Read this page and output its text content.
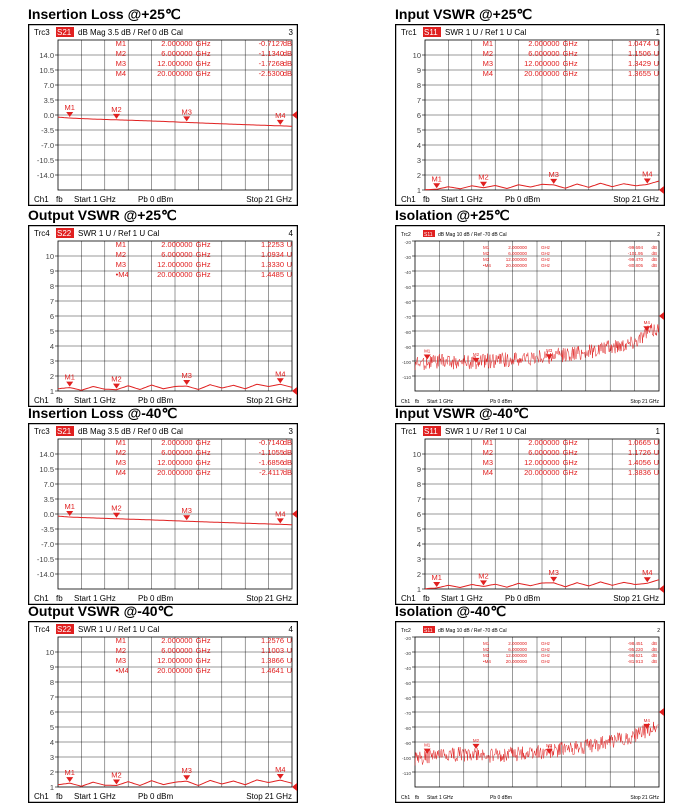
Insertion Loss @+25℃
Trc3 S21 dB Mag 3.5 dB / Ref 0 dB Cal	3
14.0
10.5
7.0
3.5
0.0
-3.5
-7.0
-10.5
-14.0
M1	2.000000 GHz	-0.7127
dB
M2	6.000000 GHz	-1.1340
dB
M3	12.000000 GHz	-1.7268
dB
M4	20.000000 GHz	-2.5300
dB
M1	M2	M3	M4
Ch1 fb Start 1 GHz	Pb 0 dBm	Stop 21 GHz
Input VSWR @+25℃
Trc1 S11 SWR 1 U / Ref 1 U Cal	1
10
9
8
7
6
5
4
3
2
1
M1	2.000000 GHz	1.0474 U
M2	6.000000 GHz	1.1506 U
M3	12.000000 GHz	1.3429 U
M4	20.000000 GHz	1.3655 U
M1	M2	M3	M4
Ch1 fb Start 1 GHz	Pb 0 dBm	Stop 21 GHz
Output VSWR @+25℃
Trc4 S22 SWR 1 U / Ref 1 U Cal	4
10
9
8
7
6
5
4
3
2
1
M1	2.000000 GHz	1.2253 U
M2	6.000000 GHz	1.0934 U
M3	12.000000 GHz	1.3330 U
•M4	20.000000 GHz	1.4485 U
M1	M2	M3	M4
Ch1 fb Start 1 GHz	Pb 0 dBm	Stop 21 GHz
Isolation @+25℃
Trc2	S11 dB Mag 10 dB / Ref -70 dB Cal	2
-20
-30
-40
-50
-60
-70
-80
-90
-100
-110
M1	2.000000	GHz	-99.694 dB
M2	6.000000	GHz	-101.95 dB
M3	12.000000	GHz	-99.470 dB
•M4	20.000000	GHz	-80.805 dB
M1
M2
M3
M4
Ch1 fb Start 1 GHz	Pb 0 dBm	Stop 21 GHz
Insertion Loss @-40℃
Trc3 S21 dB Mag 3.5 dB / Ref 0 dB Cal	3
14.0
10.5
7.0
3.5
0.0
-3.5
-7.0
-10.5
-14.0
M1	2.000000 GHz	-0.7140
dB
M2	6.000000 GHz	-1.1055
dB
M3	12.000000 GHz	-1.6856
dB
M4	20.000000 GHz	-2.4117
dB
M1	M2	M3	M4
Ch1 fb Start 1 GHz	Pb 0 dBm	Stop 21 GHz
Input VSWR @-40℃
Trc1 S11 SWR 1 U / Ref 1 U Cal	1
10
9
8
7
6
5
4
3
2
1
M1	2.000000 GHz	1.0665 U
M2	6.000000 GHz	1.1726 U
M3	12.000000 GHz	1.4056 U
M4	20.000000 GHz	1.3836 U
M1	M2	M3	M4
Ch1 fb Start 1 GHz	Pb 0 dBm	Stop 21 GHz
Output VSWR @-40℃
Trc4 S22 SWR 1 U / Ref 1 U Cal	4
10
9
8
7
6
5
4
3
2
1
M1	2.000000 GHz	1.2576 U
M2	6.000000 GHz	1.1003 U
M3	12.000000 GHz	1.3866 U
•M4	20.000000 GHz	1.4641 U
M1	M2	M3	M4
Ch1 fb Start 1 GHz	Pb 0 dBm	Stop 21 GHz
Isolation @-40℃
Trc2	S11 dB Mag 10 dB / Ref -70 dB Cal	2
-20
-30
-40
-50
-60
-70
-80
-90
-100
-110
M1	2.000000	GHz	-98.451 dB
M2	6.000000	GHz	-95.220 dB
M3	12.000000	GHz	-98.621 dB
•M4	20.000000	GHz	-81.913 dB
M1
M2
M3
M4
Ch1 fb Start 1 GHz	Pb 0 dBm	Stop 21 GHz
